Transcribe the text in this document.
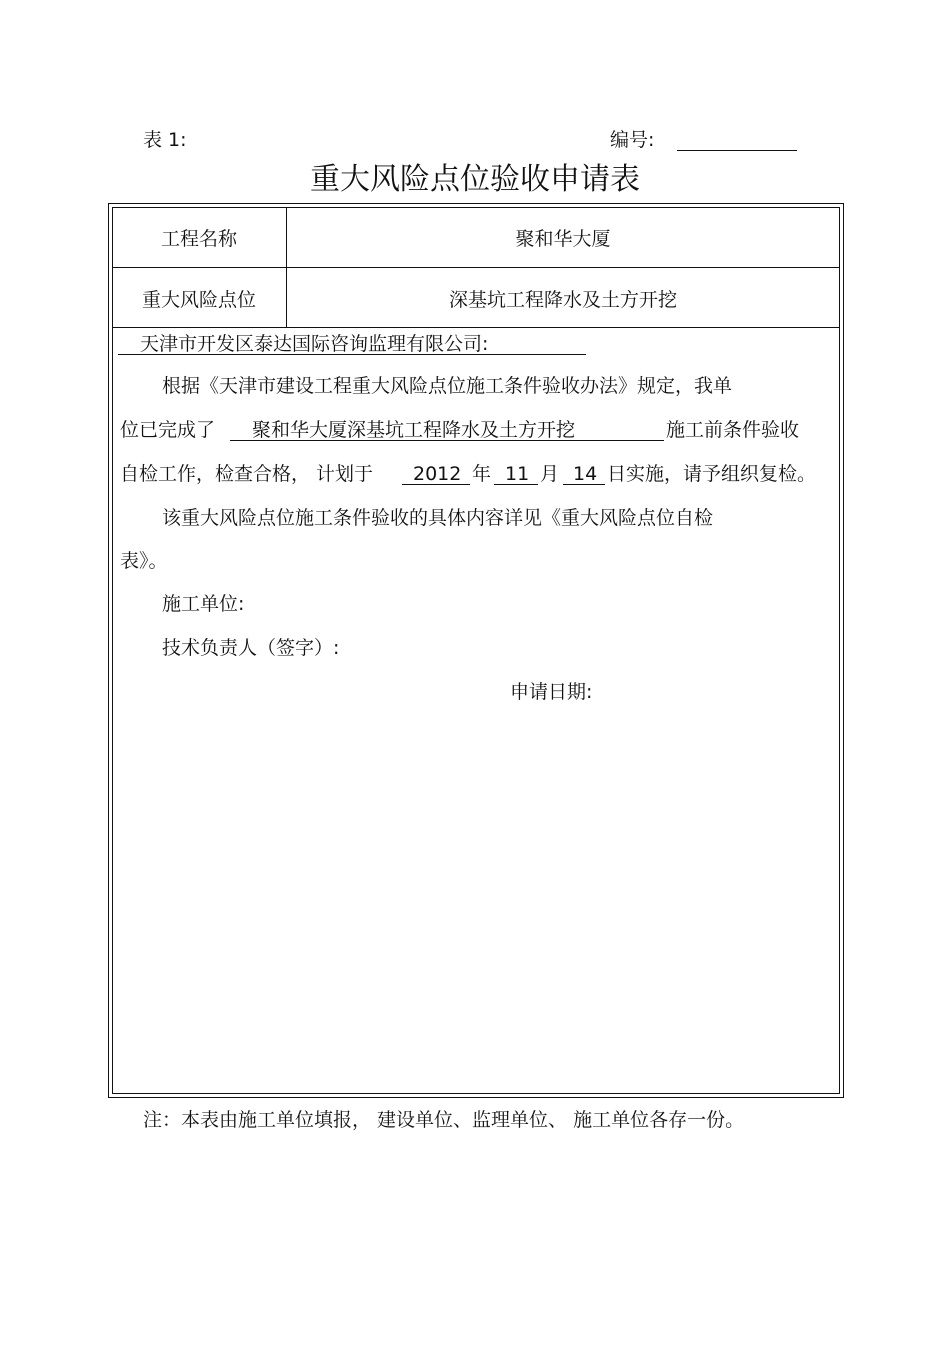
表 1:	编号:
重大风险点位验收申请表
工程名称	聚和华大厦
重大风险点位	深基坑工程降水及土方开挖
天津市开发区泰达国际咨询监理有限公司:
根据《天津市建设工程重大风险点位施工条件验收办法》规定，我单
位已完成了 聚和华大厦深基坑工程降水及土方开挖	施工前条件验收
自检工作，检查合格， 计划于 2012 年 11 月 14 日实施，请予组织复检。
该重大风险点位施工条件验收的具体内容详见《重大风险点位自检
表》。
施工单位:
技术负责人（签字）:
申请日期:
注：本表由施工单位填报， 建设单位、监理单位、 施工单位各存一份。
